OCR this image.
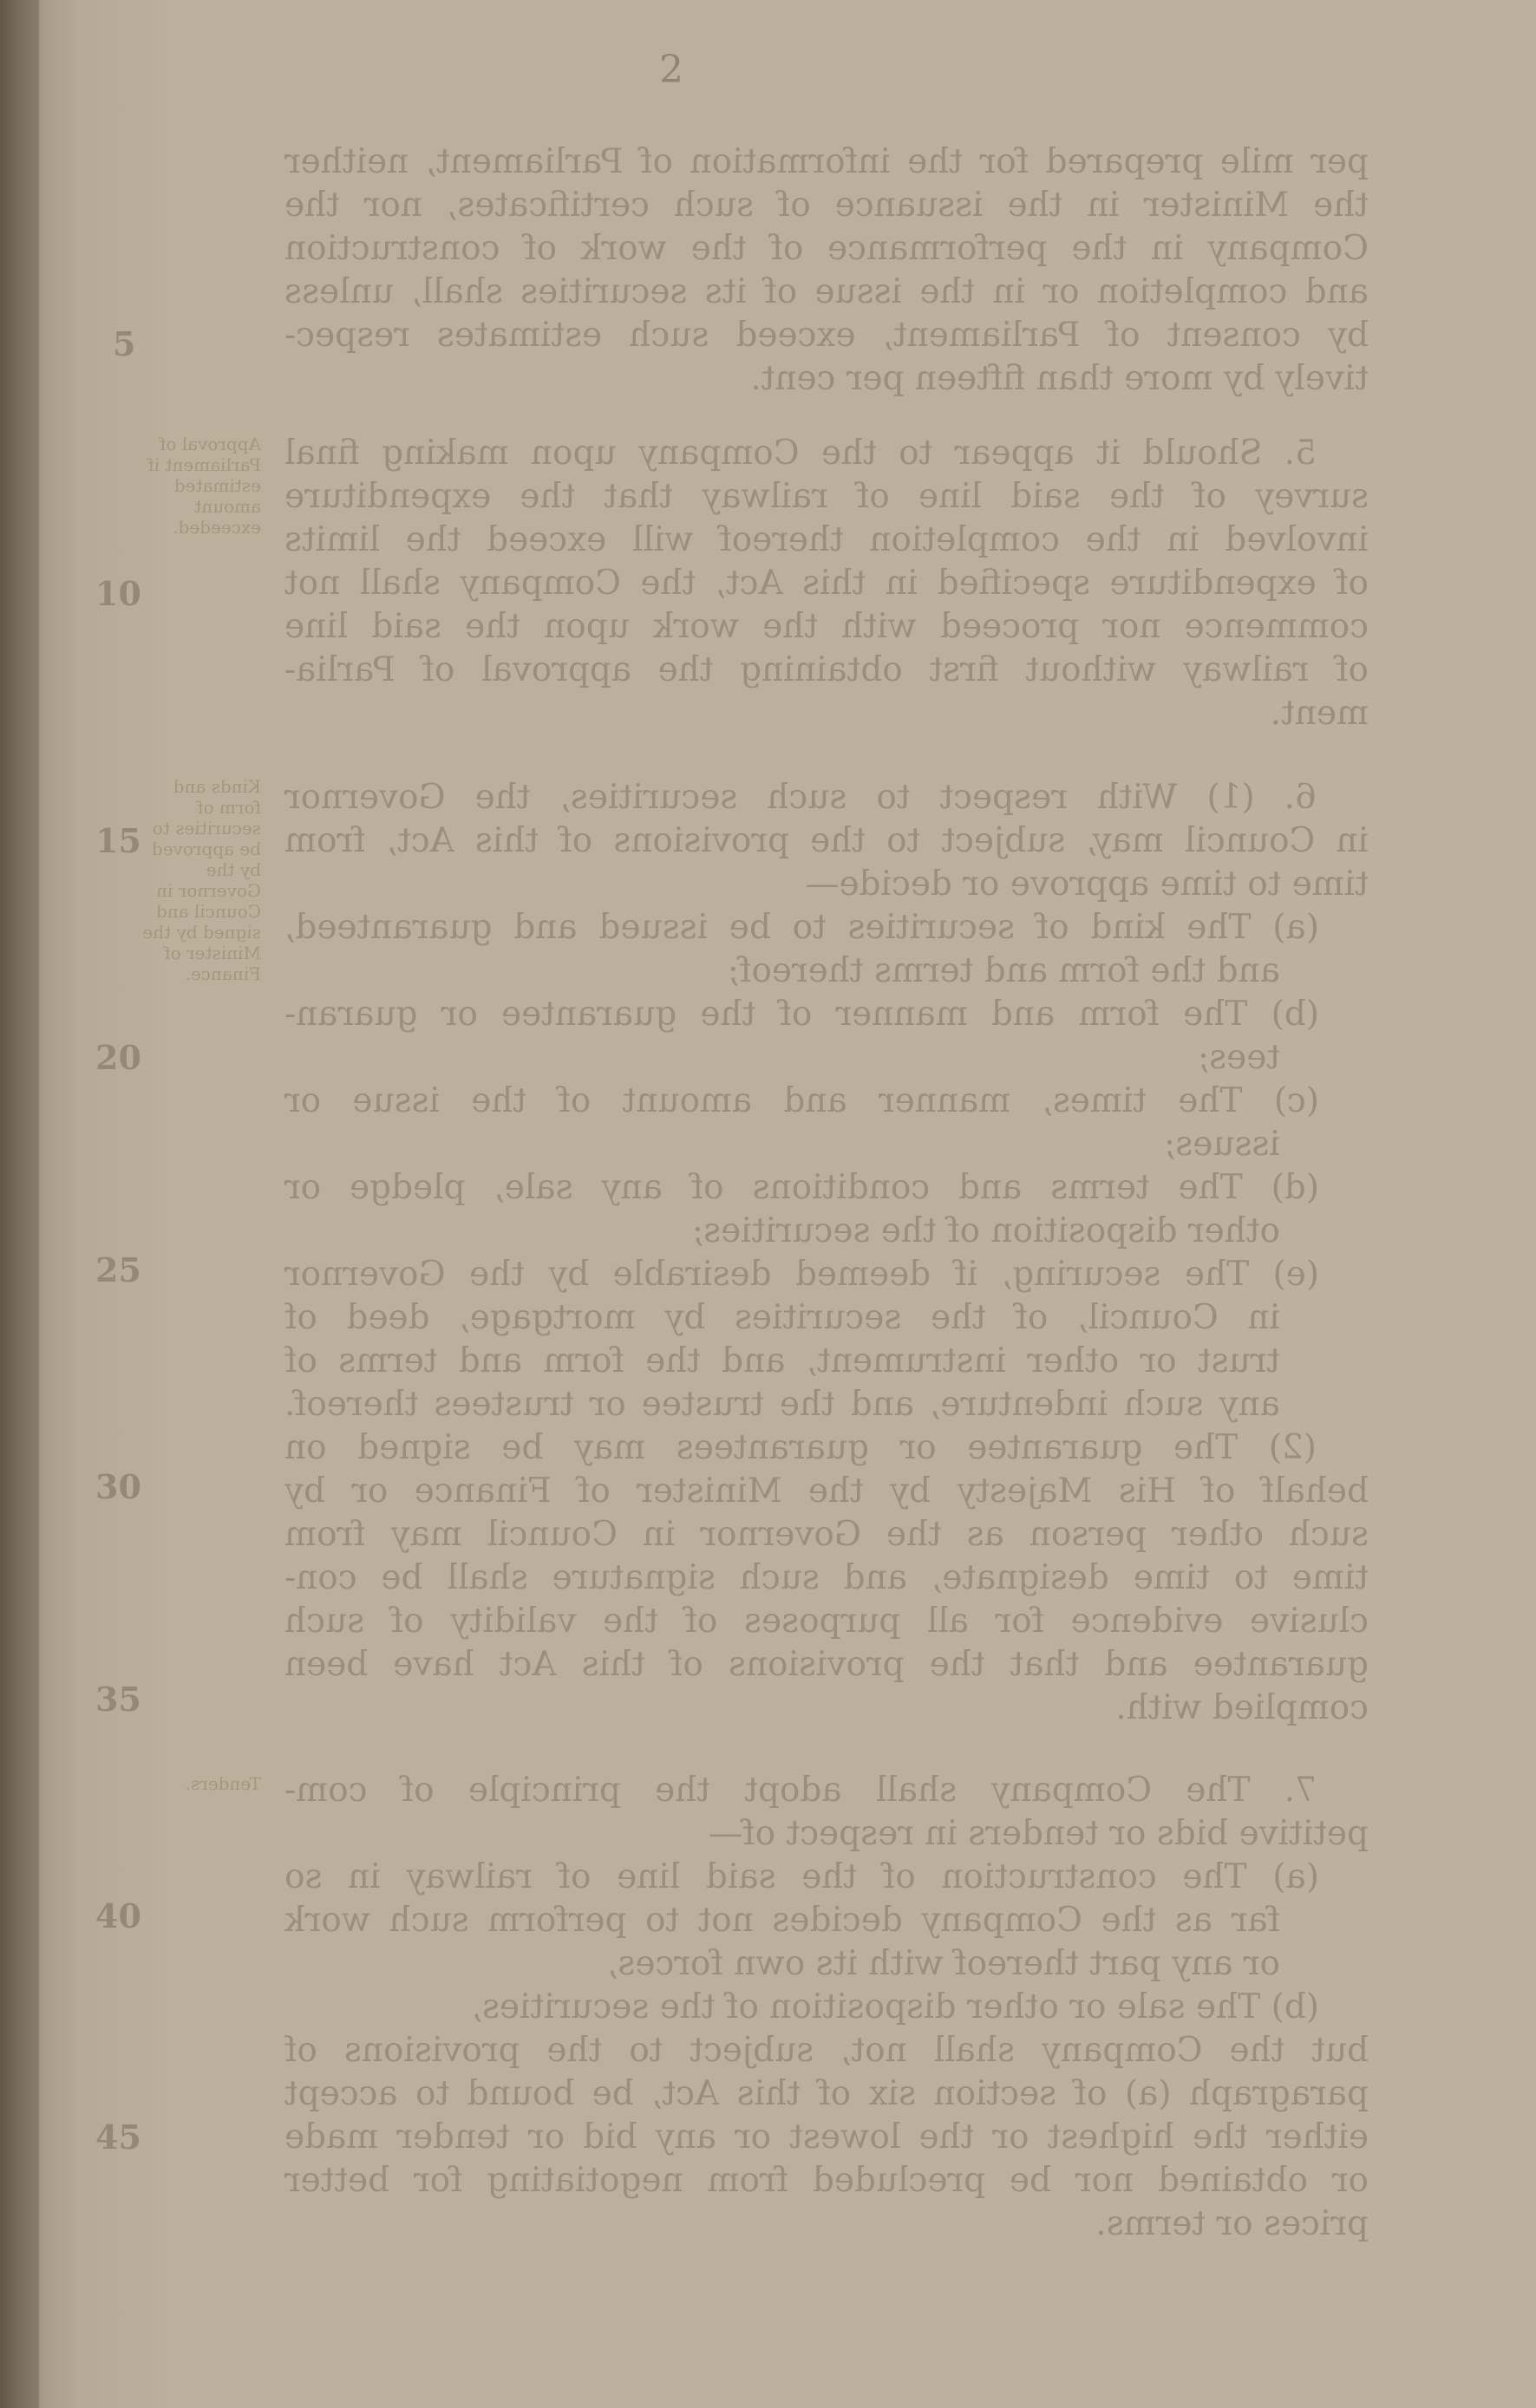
2
per mile prepared for the information of Parliament, neither
the Minister in the issuance of such certificates, nor the
Company in the performance of the work of construction
and completion or in the issue of its securities shall, unless
by consent of Parliament, exceed such estimates respec-
tively by more than fifteen per cent.
5. Should it appear to the Company upon making final
survey of the said line of railway that the expenditure
involved in the completion thereof will exceed the limits
of expenditure specified in this Act, the Company shall not
commence nor proceed with the work upon the said line
of railway without first obtaining the approval of Parlia-
ment.
6. (1) With respect to such securities, the Governor
in Council may, subject to the provisions of this Act, from
time to time approve or decide—
(a) The kind of securities to be issued and guaranteed,
and the form and terms thereof;
(b) The form and manner of the guarantee or guaran-
tees;
(c) The times, manner and amount of the issue or
issues;
(d) The terms and conditions of any sale, pledge or
other disposition of the securities;
(e) The securing, if deemed desirable by the Governor
in Council, of the securities by mortgage, deed of
trust or other instrument, and the form and terms of
any such indenture, and the trustee or trustees thereof.
(2) The guarantee or guarantees may be signed on
behalf of His Majesty by the Minister of Finance or by
such other person as the Governor in Council may from
time to time designate, and such signature shall be con-
clusive evidence for all purposes of the validity of such
guarantee and that the provisions of this Act have been
complied with.
7. The Company shall adopt the principle of com-
petitive bids or tenders in respect of—
(a) The construction of the said line of railway in so
far as the Company decides not to perform such work
or any part thereof with its own forces,
(b) The sale or other disposition of the securities,
but the Company shall not, subject to the provisions of
paragraph (a) of section six of this Act, be bound to accept
either the highest or the lowest or any bid or tender made
or obtained nor be precluded from negotiating for better
prices or terms.
Approval of Parliament if estimated amount exceeded.
Kinds and form of securities to be approved by the Governor in Council and signed by the Minister of Finance.
Tenders.
5
10
15
20
25
30
35
40
45
